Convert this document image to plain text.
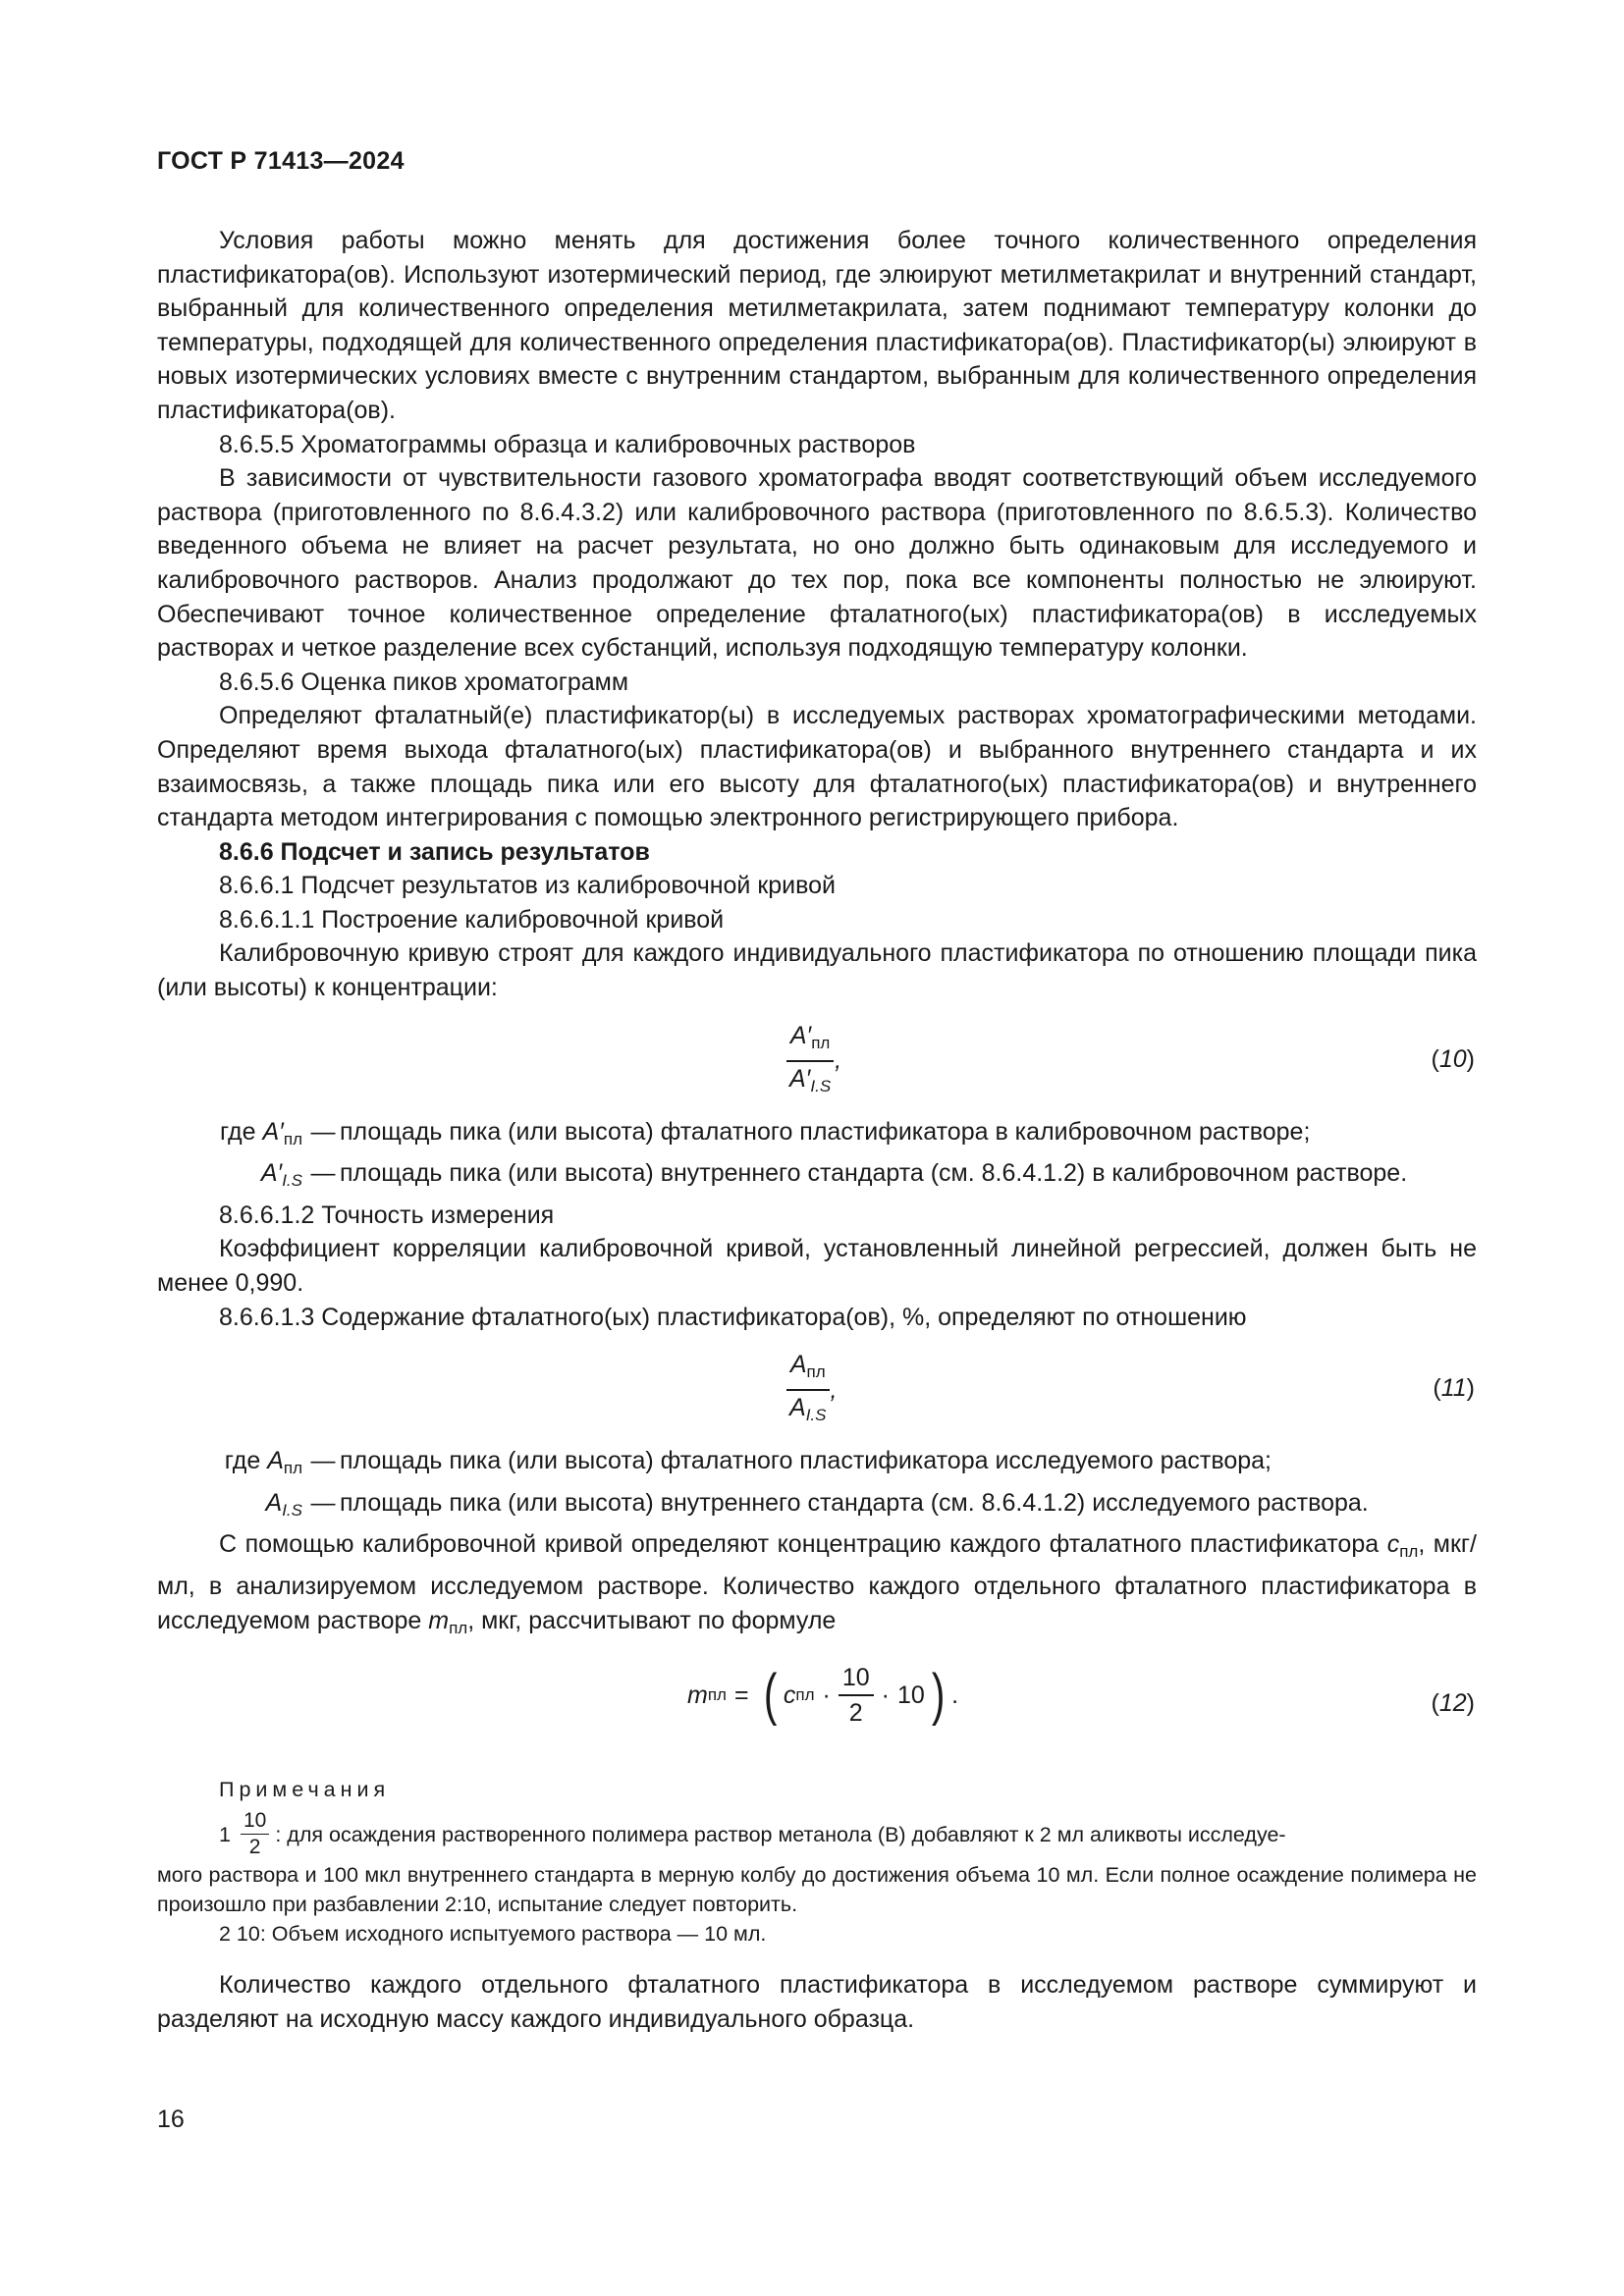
ГОСТ Р 71413—2024

Условия работы можно менять для достижения более точного количественного определения пластификатора(ов). Используют изотермический период, где элюируют метилметакрилат и внутренний стандарт, выбранный для количественного определения метилметакрилата, затем поднимают температуру колонки до температуры, подходящей для количественного определения пластификатора(ов). Пластификатор(ы) элюируют в новых изотермических условиях вместе с внутренним стандартом, выбранным для количественного определения пластификатора(ов).

8.6.5.5 Хроматограммы образца и калибровочных растворов

В зависимости от чувствительности газового хроматографа вводят соответствующий объем исследуемого раствора (приготовленного по 8.6.4.3.2) или калибровочного раствора (приготовленного по 8.6.5.3). Количество введенного объема не влияет на расчет результата, но оно должно быть одинаковым для исследуемого и калибровочного растворов. Анализ продолжают до тех пор, пока все компоненты полностью не элюируют. Обеспечивают точное количественное определение фталатного(ых) пластификатора(ов) в исследуемых растворах и четкое разделение всех субстанций, используя подходящую температуру колонки.

8.6.5.6 Оценка пиков хроматограмм

Определяют фталатный(е) пластификатор(ы) в исследуемых растворах хроматографическими методами. Определяют время выхода фталатного(ых) пластификатора(ов) и выбранного внутреннего стандарта и их взаимосвязь, а также площадь пика или его высоту для фталатного(ых) пластификатора(ов) и внутреннего стандарта методом интегрирования с помощью электронного регистрирующего прибора.

8.6.6 Подсчет и запись результатов

8.6.6.1 Подсчет результатов из калибровочной кривой

8.6.6.1.1 Построение калибровочной кривой

Калибровочную кривую строят для каждого индивидуального пластификатора по отношению площади пика (или высоты) к концентрации:

$\frac{A'_{пл}}{A'_{I.S}}$ ,	(10)
где $A'_{пл}$ — площадь пика (или высота) фталатного пластификатора в калибровочном растворе;
$A'_{I.S}$ — площадь пика (или высота) внутреннего стандарта (см. 8.6.4.1.2) в калибровочном растворе.

8.6.6.1.2 Точность измерения

Коэффициент корреляции калибровочной кривой, установленный линейной регрессией, должен быть не менее 0,990.

8.6.6.1.3 Содержание фталатного(ых) пластификатора(ов), %, определяют по отношению

$\frac{A_{пл}}{A_{I.S}}$ ,	(11)
где $A_{пл}$ — площадь пика (или высота) фталатного пластификатора исследуемого раствора;
$A_{I.S}$ — площадь пика (или высота) внутреннего стандарта (см. 8.6.4.1.2) исследуемого раствора.

С помощью калибровочной кривой определяют концентрацию каждого фталатного пластификатора $c_{пл}$, мкг/мл, в анализируемом исследуемом растворе. Количество каждого отдельного фталатного пластификатора в исследуемом растворе $m_{пл}$, мкг, рассчитывают по формуле

m пл = ( c пл · $\frac{10}{2} \cdot 10$ ) .	(12)
Примечания
$1 \frac{10}{2}$ : для осаждения растворенного полимера раствор метанола (B) добавляют к 2 мл аликвоты исследуе-

мого раствора и 100 мкл внутреннего стандарта в мерную колбу до достижения объема 10 мл. Если полное осаждение полимера не произошло при разбавлении 2:10, испытание следует повторить.

2 10: Объем исходного испытуемого раствора — 10 мл.

Количество каждого отдельного фталатного пластификатора в исследуемом растворе суммируют и разделяют на исходную массу каждого индивидуального образца.

16
